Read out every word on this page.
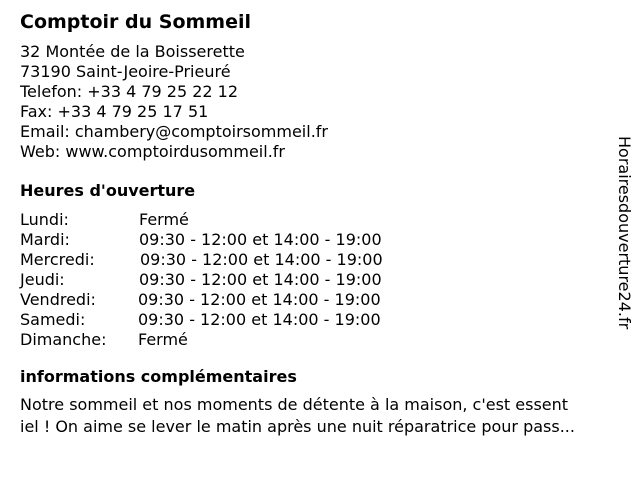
Comptoir du Sommeil
32 Montée de la Boisserette
73190 Saint-Jeoire-Prieuré
Telefon: +33 4 79 25 22 12
Fax: +33 4 79 25 17 51
Email: chambery@comptoirsommeil.fr
Web: www.comptoirdusommeil.fr
Heures d'ouverture
Lundi:	Fermé
Mardi:	09:30 - 12:00 et 14:00 - 19:00
Mercredi:	09:30 - 12:00 et 14:00 - 19:00
Jeudi:	09:30 - 12:00 et 14:00 - 19:00
Vendredi:	09:30 - 12:00 et 14:00 - 19:00
Samedi:	09:30 - 12:00 et 14:00 - 19:00
Dimanche: Fermé
informations complémentaires
Notre sommeil et nos moments de détente à la maison, c'est essent
iel ! On aime se lever le matin après une nuit réparatrice pour pass...
Horairesdouverture24.fr
